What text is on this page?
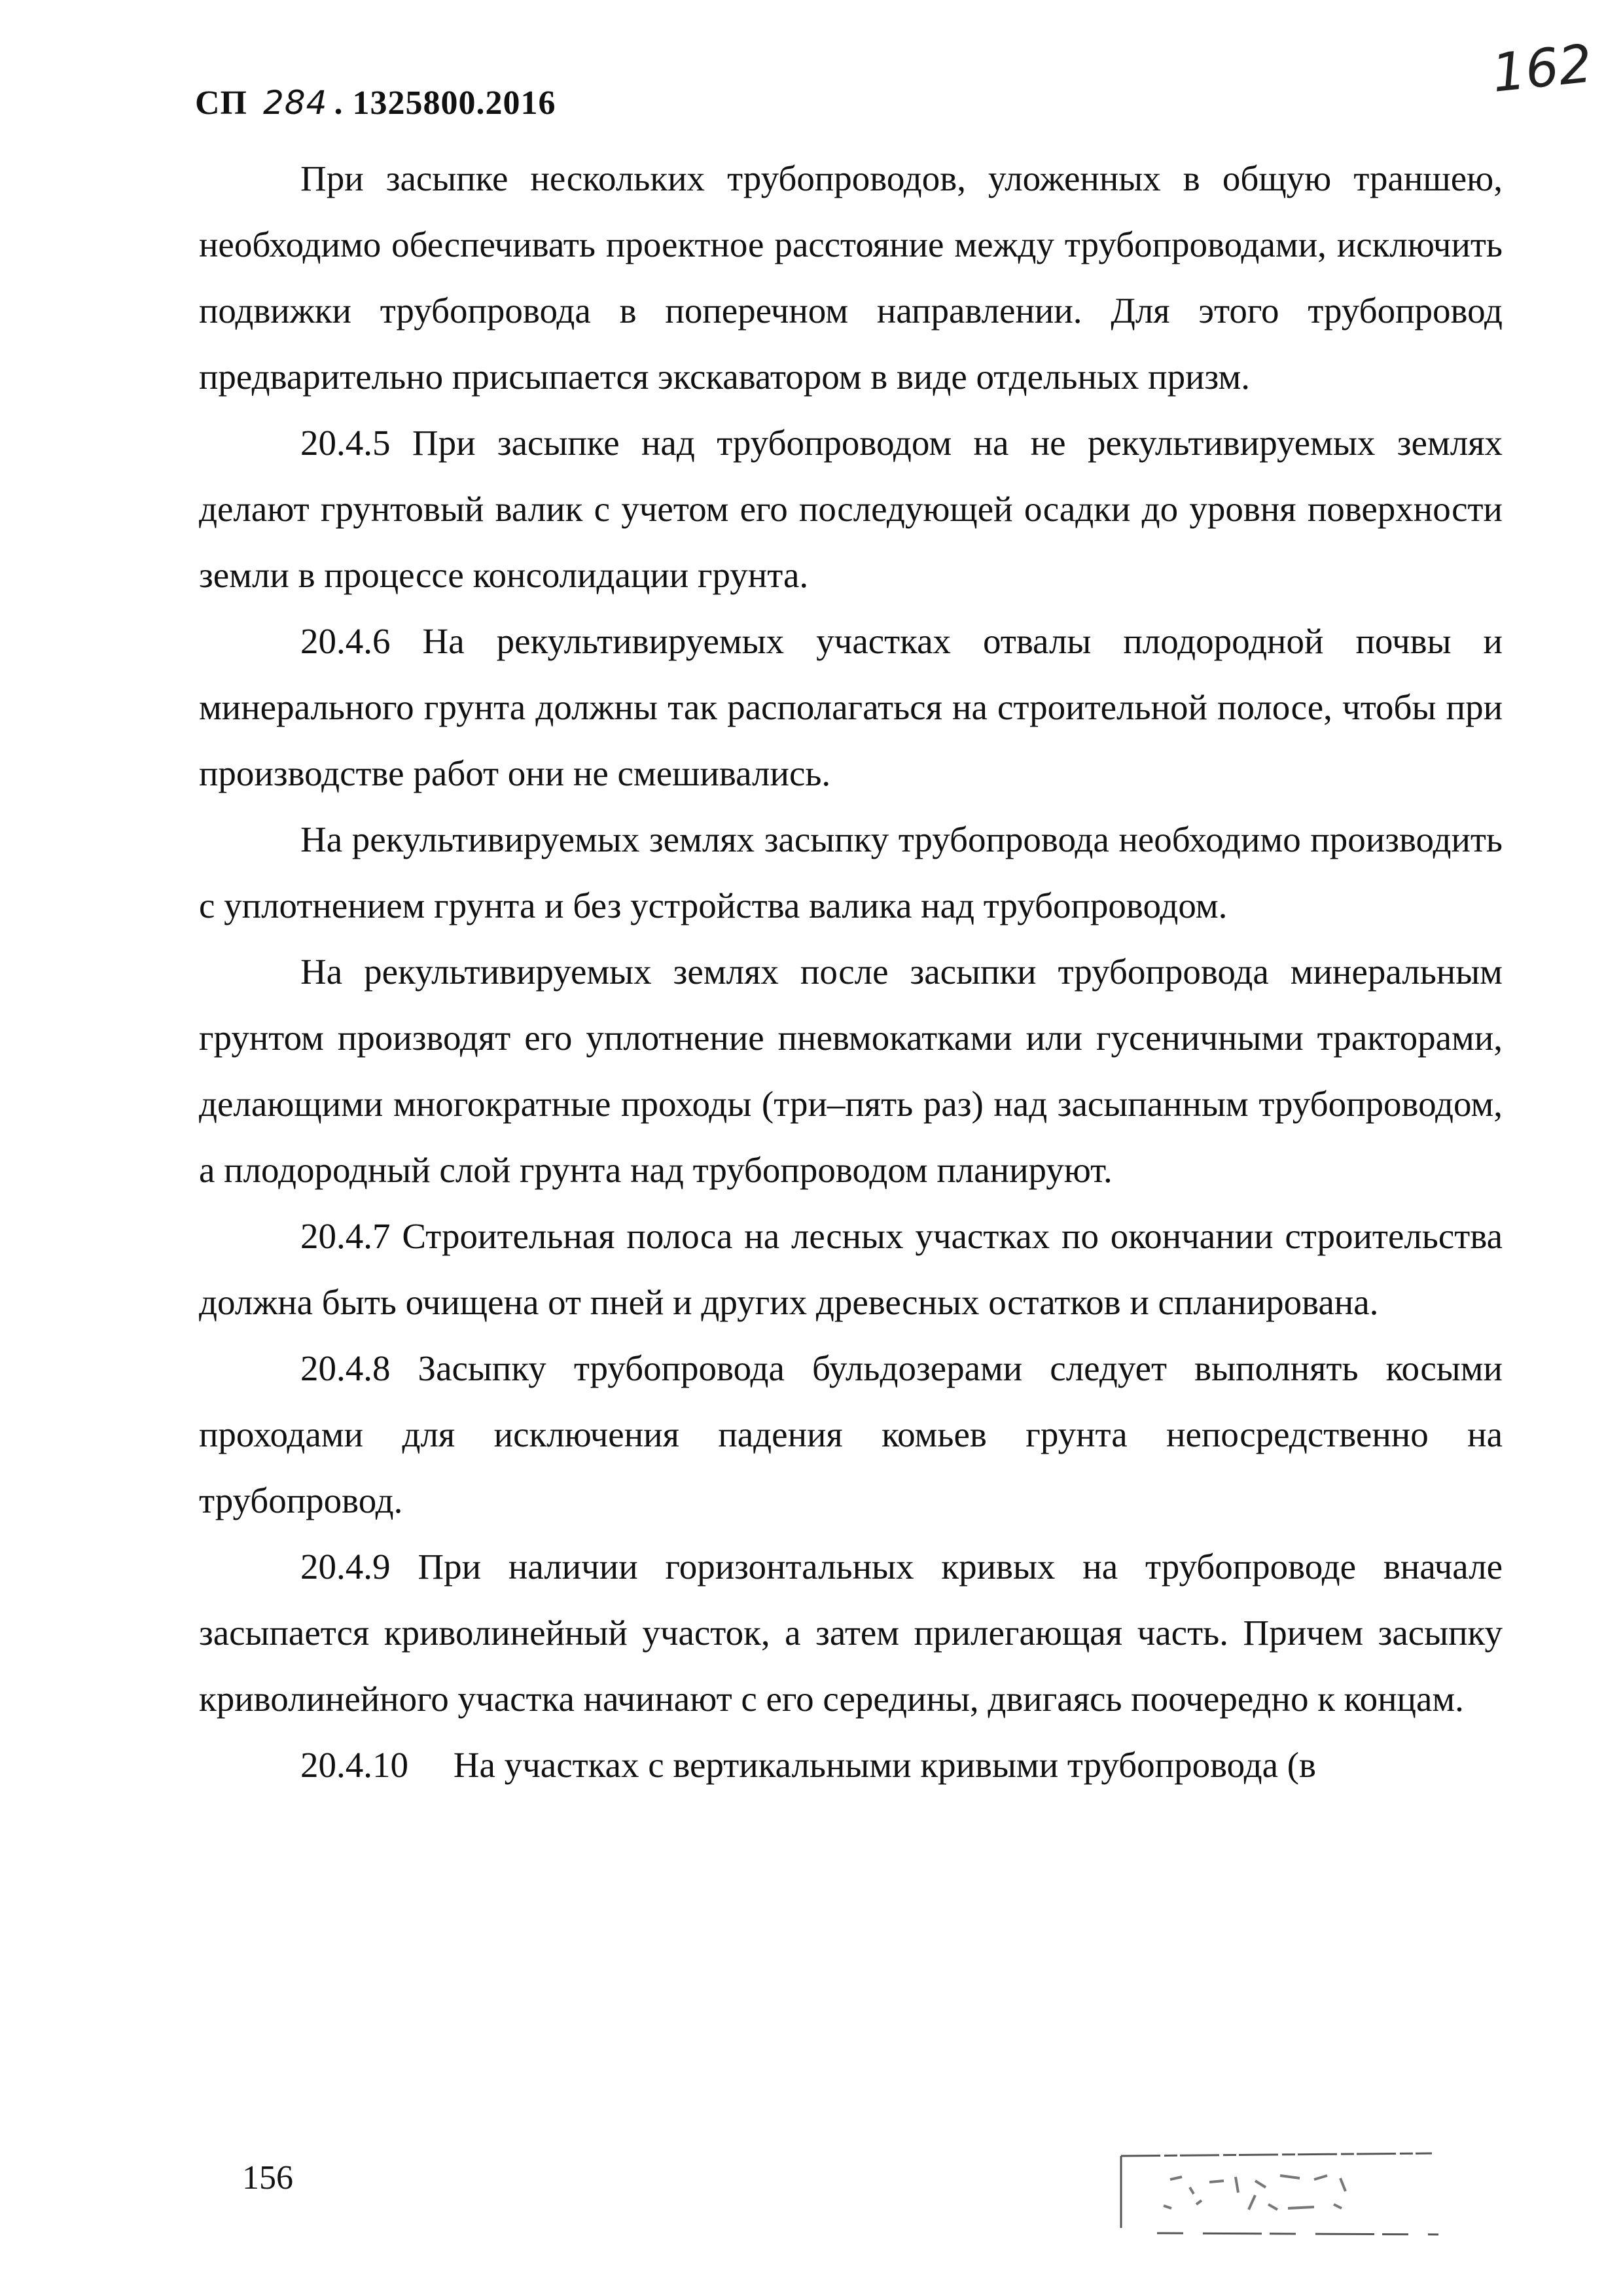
СП 284 . 1325800.2016	162

При засыпке нескольких трубопроводов, уложенных в общую траншею, необходимо обеспечивать проектное расстояние между трубопроводами, исключить подвижки трубопровода в поперечном направлении. Для этого трубопровод предварительно присыпается экскаватором в виде отдельных призм.

20.4.5 При засыпке над трубопроводом на не рекультивируемых землях делают грунтовый валик с учетом его последующей осадки до уровня поверхности земли в процессе консолидации грунта.

20.4.6 На рекультивируемых участках отвалы плодородной почвы и минерального грунта должны так располагаться на строительной полосе, чтобы при производстве работ они не смешивались.

На рекультивируемых землях засыпку трубопровода необходимо производить с уплотнением грунта и без устройства валика над трубопроводом.

На рекультивируемых землях после засыпки трубопровода минеральным грунтом производят его уплотнение пневмокатками или гусеничными тракторами, делающими многократные проходы (три–пять раз) над засыпанным трубопроводом, а плодородный слой грунта над трубопроводом планируют.

20.4.7 Строительная полоса на лесных участках по окончании строительства должна быть очищена от пней и других древесных остатков и спланирована.

20.4.8 Засыпку трубопровода бульдозерами следует выполнять косыми проходами для исключения падения комьев грунта непосредственно на трубопровод.

20.4.9 При наличии горизонтальных кривых на трубопроводе вначале засыпается криволинейный участок, а затем прилегающая часть. Причем засыпку криволинейного участка начинают с его середины, двигаясь поочередно к концам.

20.4.10     На участках с вертикальными кривыми трубопровода (в

156
